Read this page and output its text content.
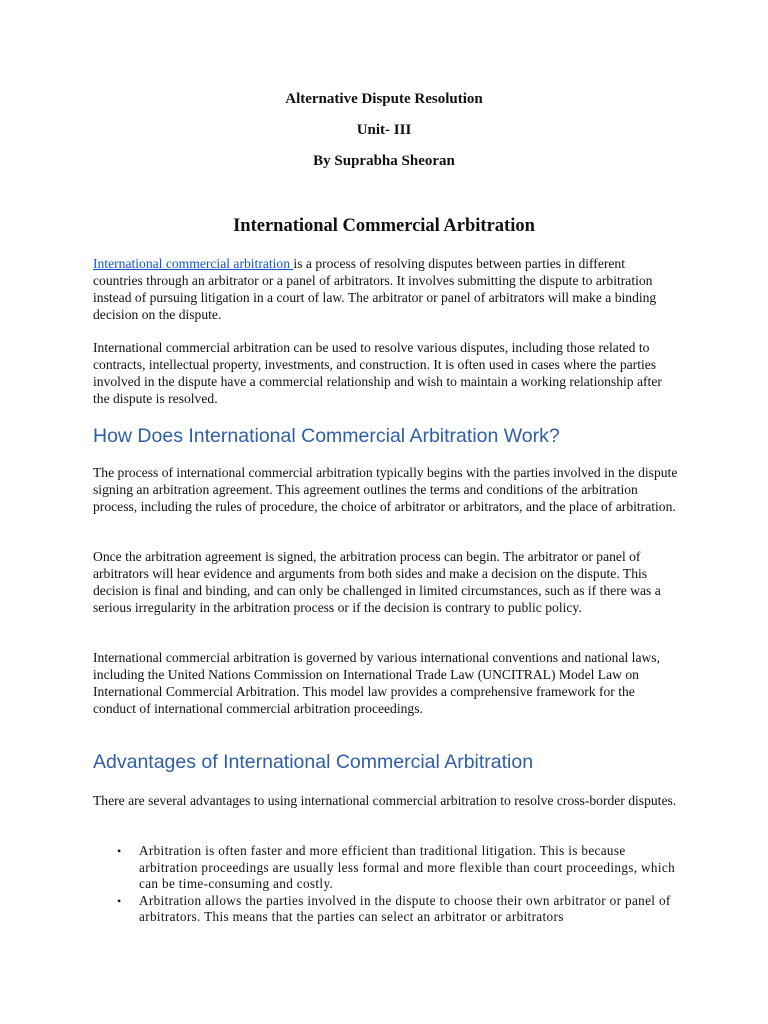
Alternative Dispute Resolution
Unit- III
By Suprabha Sheoran
International Commercial Arbitration

International commercial arbitration is a process of resolving disputes between parties in different countries through an arbitrator or a panel of arbitrators. It involves submitting the dispute to arbitration instead of pursuing litigation in a court of law. The arbitrator or panel of arbitrators will make a binding decision on the dispute.

International commercial arbitration can be used to resolve various disputes, including those related to contracts, intellectual property, investments, and construction. It is often used in cases where the parties involved in the dispute have a commercial relationship and wish to maintain a working relationship after the dispute is resolved.

How Does International Commercial Arbitration Work?

The process of international commercial arbitration typically begins with the parties involved in the dispute signing an arbitration agreement. This agreement outlines the terms and conditions of the arbitration process, including the rules of procedure, the choice of arbitrator or arbitrators, and the place of arbitration.

Once the arbitration agreement is signed, the arbitration process can begin. The arbitrator or panel of arbitrators will hear evidence and arguments from both sides and make a decision on the dispute. This decision is final and binding, and can only be challenged in limited circumstances, such as if there was a serious irregularity in the arbitration process or if the decision is contrary to public policy.

International commercial arbitration is governed by various international conventions and national laws, including the United Nations Commission on International Trade Law (UNCITRAL) Model Law on International Commercial Arbitration. This model law provides a comprehensive framework for the conduct of international commercial arbitration proceedings.

Advantages of International Commercial Arbitration

There are several advantages to using international commercial arbitration to resolve cross-border disputes.

• Arbitration is often faster and more efficient than traditional litigation. This is because arbitration proceedings are usually less formal and more flexible than court proceedings, which can be time-consuming and costly.
• Arbitration allows the parties involved in the dispute to choose their own arbitrator or panel of arbitrators. This means that the parties can select an arbitrator or arbitrators
